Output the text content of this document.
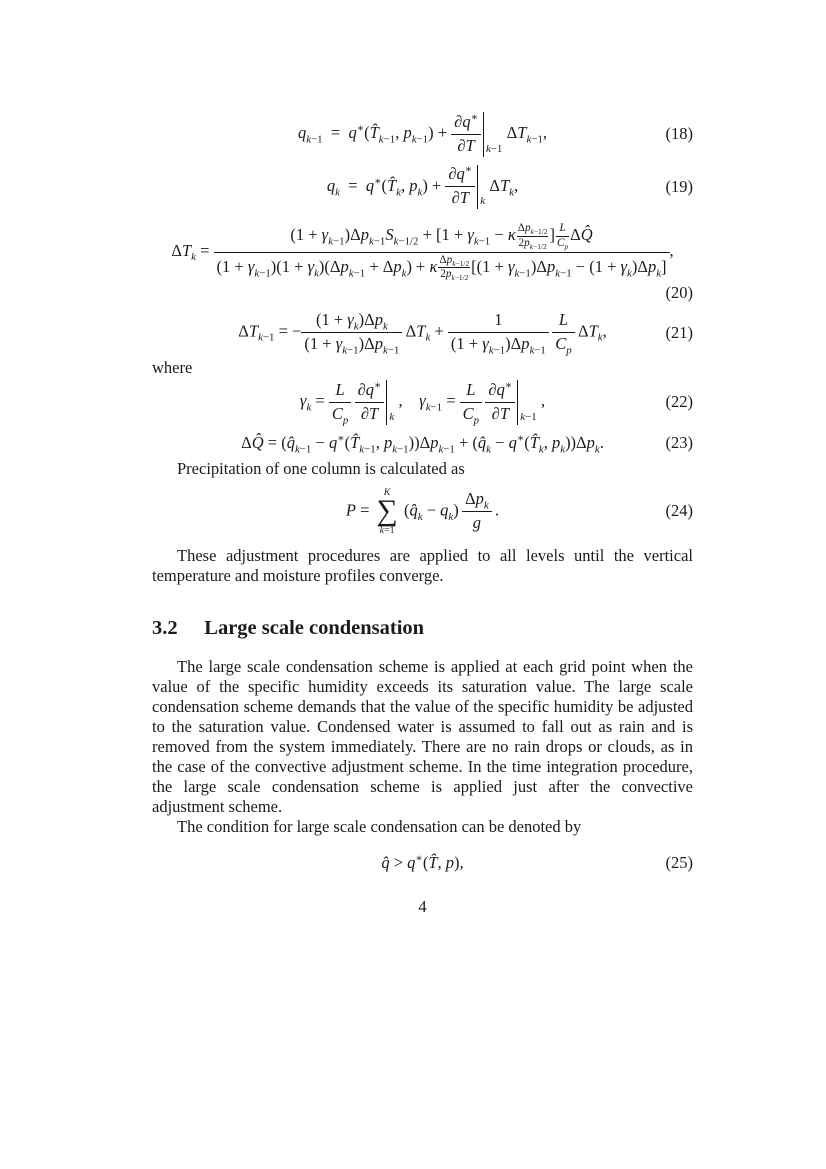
$q_{k-1}$ = $q^∗(T̂_{k-1}$, $p_{k-1}) + \frac{\partial q^∗}{\partial T} k-1$
 $\Delta T_{k-1}$,	(18)
$q_k$ = $q^∗(T̂_k$, $p_k) + \frac{\partial q^∗}{\partial T}$ k
 $\Delta T_k$,	(19)
$\Delta T_k$ =
$(1 + \gamma_{k-1})\Delta p_{k-1}S_{k-1/2} + [1 + \gamma_{k-1} - \kappa$ $\Delta p_{k-1/2}$
$2p_{k-1/2}$
] $\frac{L}{C_p}$ ΔQ̂
$(1 + \gamma_{k-1})(1 + \gamma_k)(\Delta p_{k-1} + \Delta p_k) + \kappa$ $\Delta p_{k-1/2}$
$2p_{k-1/2}$
$[(1 + \gamma_{k-1})\Delta p_{k-1} - (1 + \gamma_k)\Delta p_k]$
,
(20)
$\Delta T_{k-1}$ = −
$(1 + \gamma_k)\Delta p_k$
$(1 + \gamma_{k-1})\Delta p_{k-1}$
 $\Delta T_k$ +
1
$(1 + \gamma_{k-1})\Delta p_{k-1}$
  $\frac{L}{C_p} \Delta T_k$,	(21)

where

$\gamma_k = \frac{L}{C_p}$
  $\frac{\partial q^∗}{\partial T}$ k
 , $\gamma_{k-1} = \frac{L}{C_p}$
  $\frac{\partial q^∗}{\partial T} k-1$
 ,	(22)
ΔQ̂ = ($q̂_{k-1}$ − $q^∗(T̂_{k-1}$, $p_{k-1}))\Delta p_{k-1}$ + ($q̂_k$ − $q^∗(T̂_k$, $p_k))\Delta p_k$.	(23)

Precipitation of one column is calculated as

P =
K
∑
k=1
 $(q̂_k - q_k)$ 
$\Delta p_k$
g
 .	(24)

These adjustment procedures are applied to all levels until the vertical temperature and moisture profiles converge.

3.2 Large scale condensation

The large scale condensation scheme is applied at each grid point when the value of the specific humidity exceeds its saturation value. The large scale condensation scheme demands that the value of the specific humidity be adjusted to the saturation value. Condensed water is assumed to fall out as rain and is removed from the system immediately. There are no rain drops or clouds, as in the case of the convective adjustment scheme. In the time integration procedure, the large scale condensation scheme is applied just after the convective adjustment scheme.

The condition for large scale condensation can be denoted by

q̂ > q∗(T̂, p),	(25)
4
